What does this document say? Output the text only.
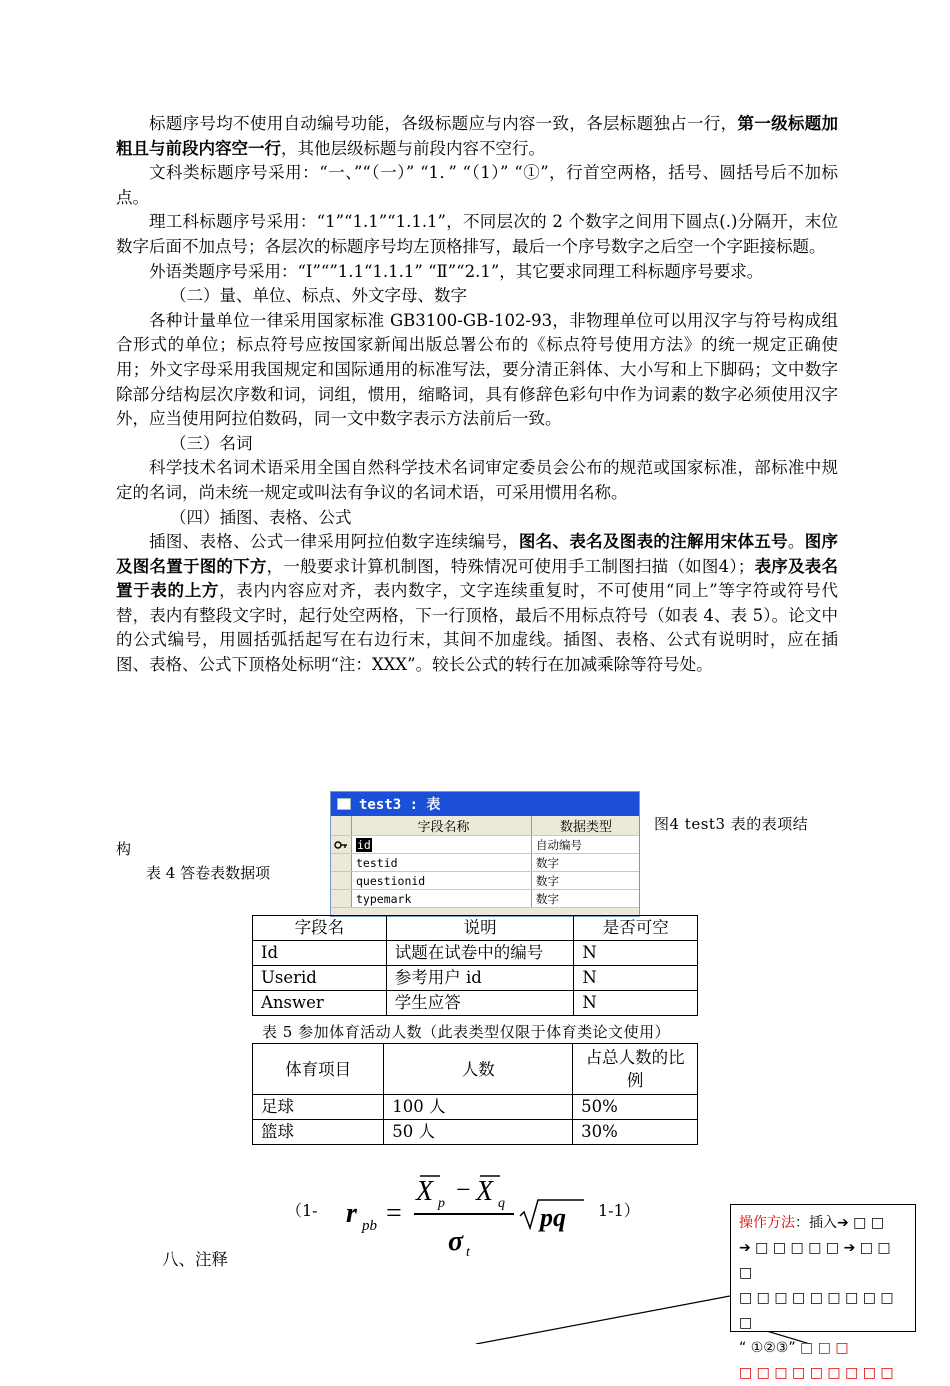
标题序号均不使用自动编号功能，各级标题应与内容一致，各层标题独占一行，第一级标题加粗且与前段内容空一行，其他层级标题与前段内容不空行。

文科类标题序号采用：“一、”“（一）” “1．” “（1）” “①”，行首空两格，括号、圆括号后不加标点。

理工科标题序号采用：“1”“1.1”“1.1.1”，不同层次的 2 个数字之间用下圆点(.)分隔开，末位数字后面不加点号；各层次的标题序号均左顶格排写，最后一个序号数字之后空一个字距接标题。

外语类题序号采用：“Ⅰ”“”1.1“1.1.1” “Ⅱ”“2.1”，其它要求同理工科标题序号要求。

（二）量、单位、标点、外文字母、数字

各种计量单位一律采用国家标准 GB3100-GB-102-93，非物理单位可以用汉字与符号构成组合形式的单位；标点符号应按国家新闻出版总署公布的《标点符号使用方法》的统一规定正确使用；外文字母采用我国规定和国际通用的标准写法，要分清正斜体、大小写和上下脚码；文中数字除部分结构层次序数和词，词组，惯用，缩略词，具有修辞色彩句中作为词素的数字必须使用汉字外，应当使用阿拉伯数码，同一文中数字表示方法前后一致。

（三）名词

科学技术名词术语采用全国自然科学技术名词审定委员会公布的规范或国家标准，部标准中规定的名词，尚未统一规定或叫法有争议的名词术语，可采用惯用名称。

（四）插图、表格、公式

插图、表格、公式一律采用阿拉伯数字连续编号，图名、表名及图表的注解用宋体五号。图序及图名置于图的下方，一般要求计算机制图，特殊情况可使用手工制图扫描（如图4）；表序及表名置于表的上方，表内内容应对齐，表内数字，文字连续重复时，不可使用“同上”等字符或符号代替，表内有整段文字时，起行处空两格，下一行顶格，最后不用标点符号（如表 4、表 5）。论文中的公式编号，用圆括弧括起写在右边行末，其间不加虚线。插图、表格、公式有说明时，应在插图、表格、公式下顶格处标明“注：XXX”。较长公式的转行在加减乘除等符号处。

test3 : 表
字段名称	数据类型
id	自动编号
testid	数字
questionid	数字
typemark	数字
图4 test3 表的表项结
构
表 4 答卷表数据项
字段名	说明	是否可空
Id	试题在试卷中的编号	N
Userid	参考用户 id	N
Answer	学生应答	N
表 5 参加体育活动人数（此表类型仅限于体育类论文使用）
体育项目	人数	占总人数的比例
足球	100 人	50%
篮球	50 人	30%
（1- r pb =
X p − X q
σ t
pq 1-1）
八、注释
操作方法：插入➔ □ □
➔ □ □ □ □ □ ➔ □ □ □
□ □ □ □ □ □ □ □ □ □
“ ①②③” □ □ □
□ □ □ □ □ □ □ □ □
